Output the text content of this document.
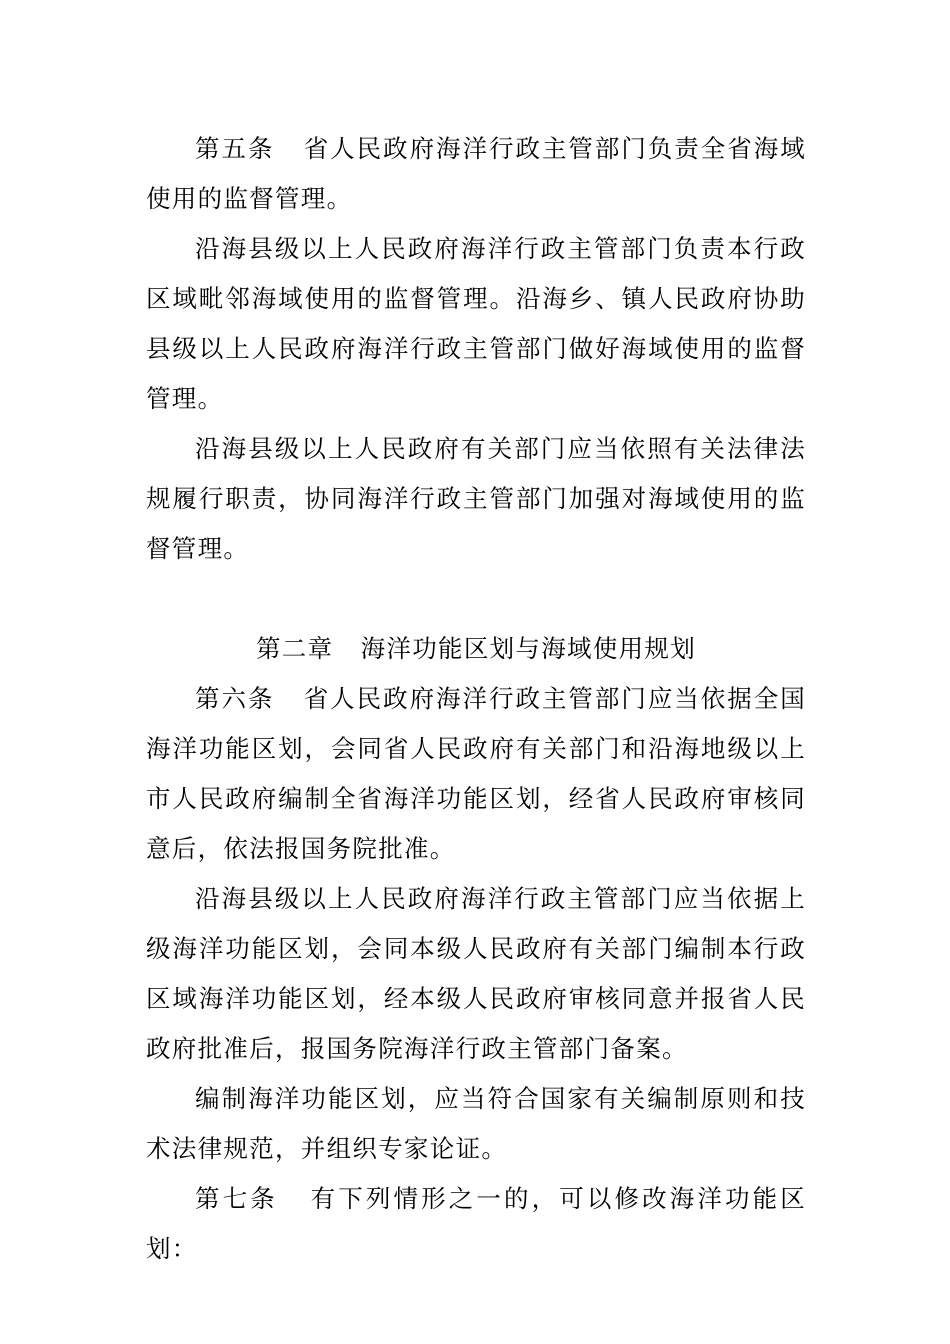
第五条 省人民政府海洋行政主管部门负责全省海域使用的监督管理。

沿海县级以上人民政府海洋行政主管部门负责本行政区域毗邻海域使用的监督管理。沿海乡、镇人民政府协助县级以上人民政府海洋行政主管部门做好海域使用的监督管理。

沿海县级以上人民政府有关部门应当依照有关法律法规履行职责，协同海洋行政主管部门加强对海域使用的监督管理。

第二章 海洋功能区划与海域使用规划

第六条 省人民政府海洋行政主管部门应当依据全国海洋功能区划，会同省人民政府有关部门和沿海地级以上市人民政府编制全省海洋功能区划，经省人民政府审核同意后，依法报国务院批准。

沿海县级以上人民政府海洋行政主管部门应当依据上级海洋功能区划，会同本级人民政府有关部门编制本行政区域海洋功能区划，经本级人民政府审核同意并报省人民政府批准后，报国务院海洋行政主管部门备案。

编制海洋功能区划，应当符合国家有关编制原则和技术法律规范，并组织专家论证。

第七条 有下列情形之一的，可以修改海洋功能区划：
